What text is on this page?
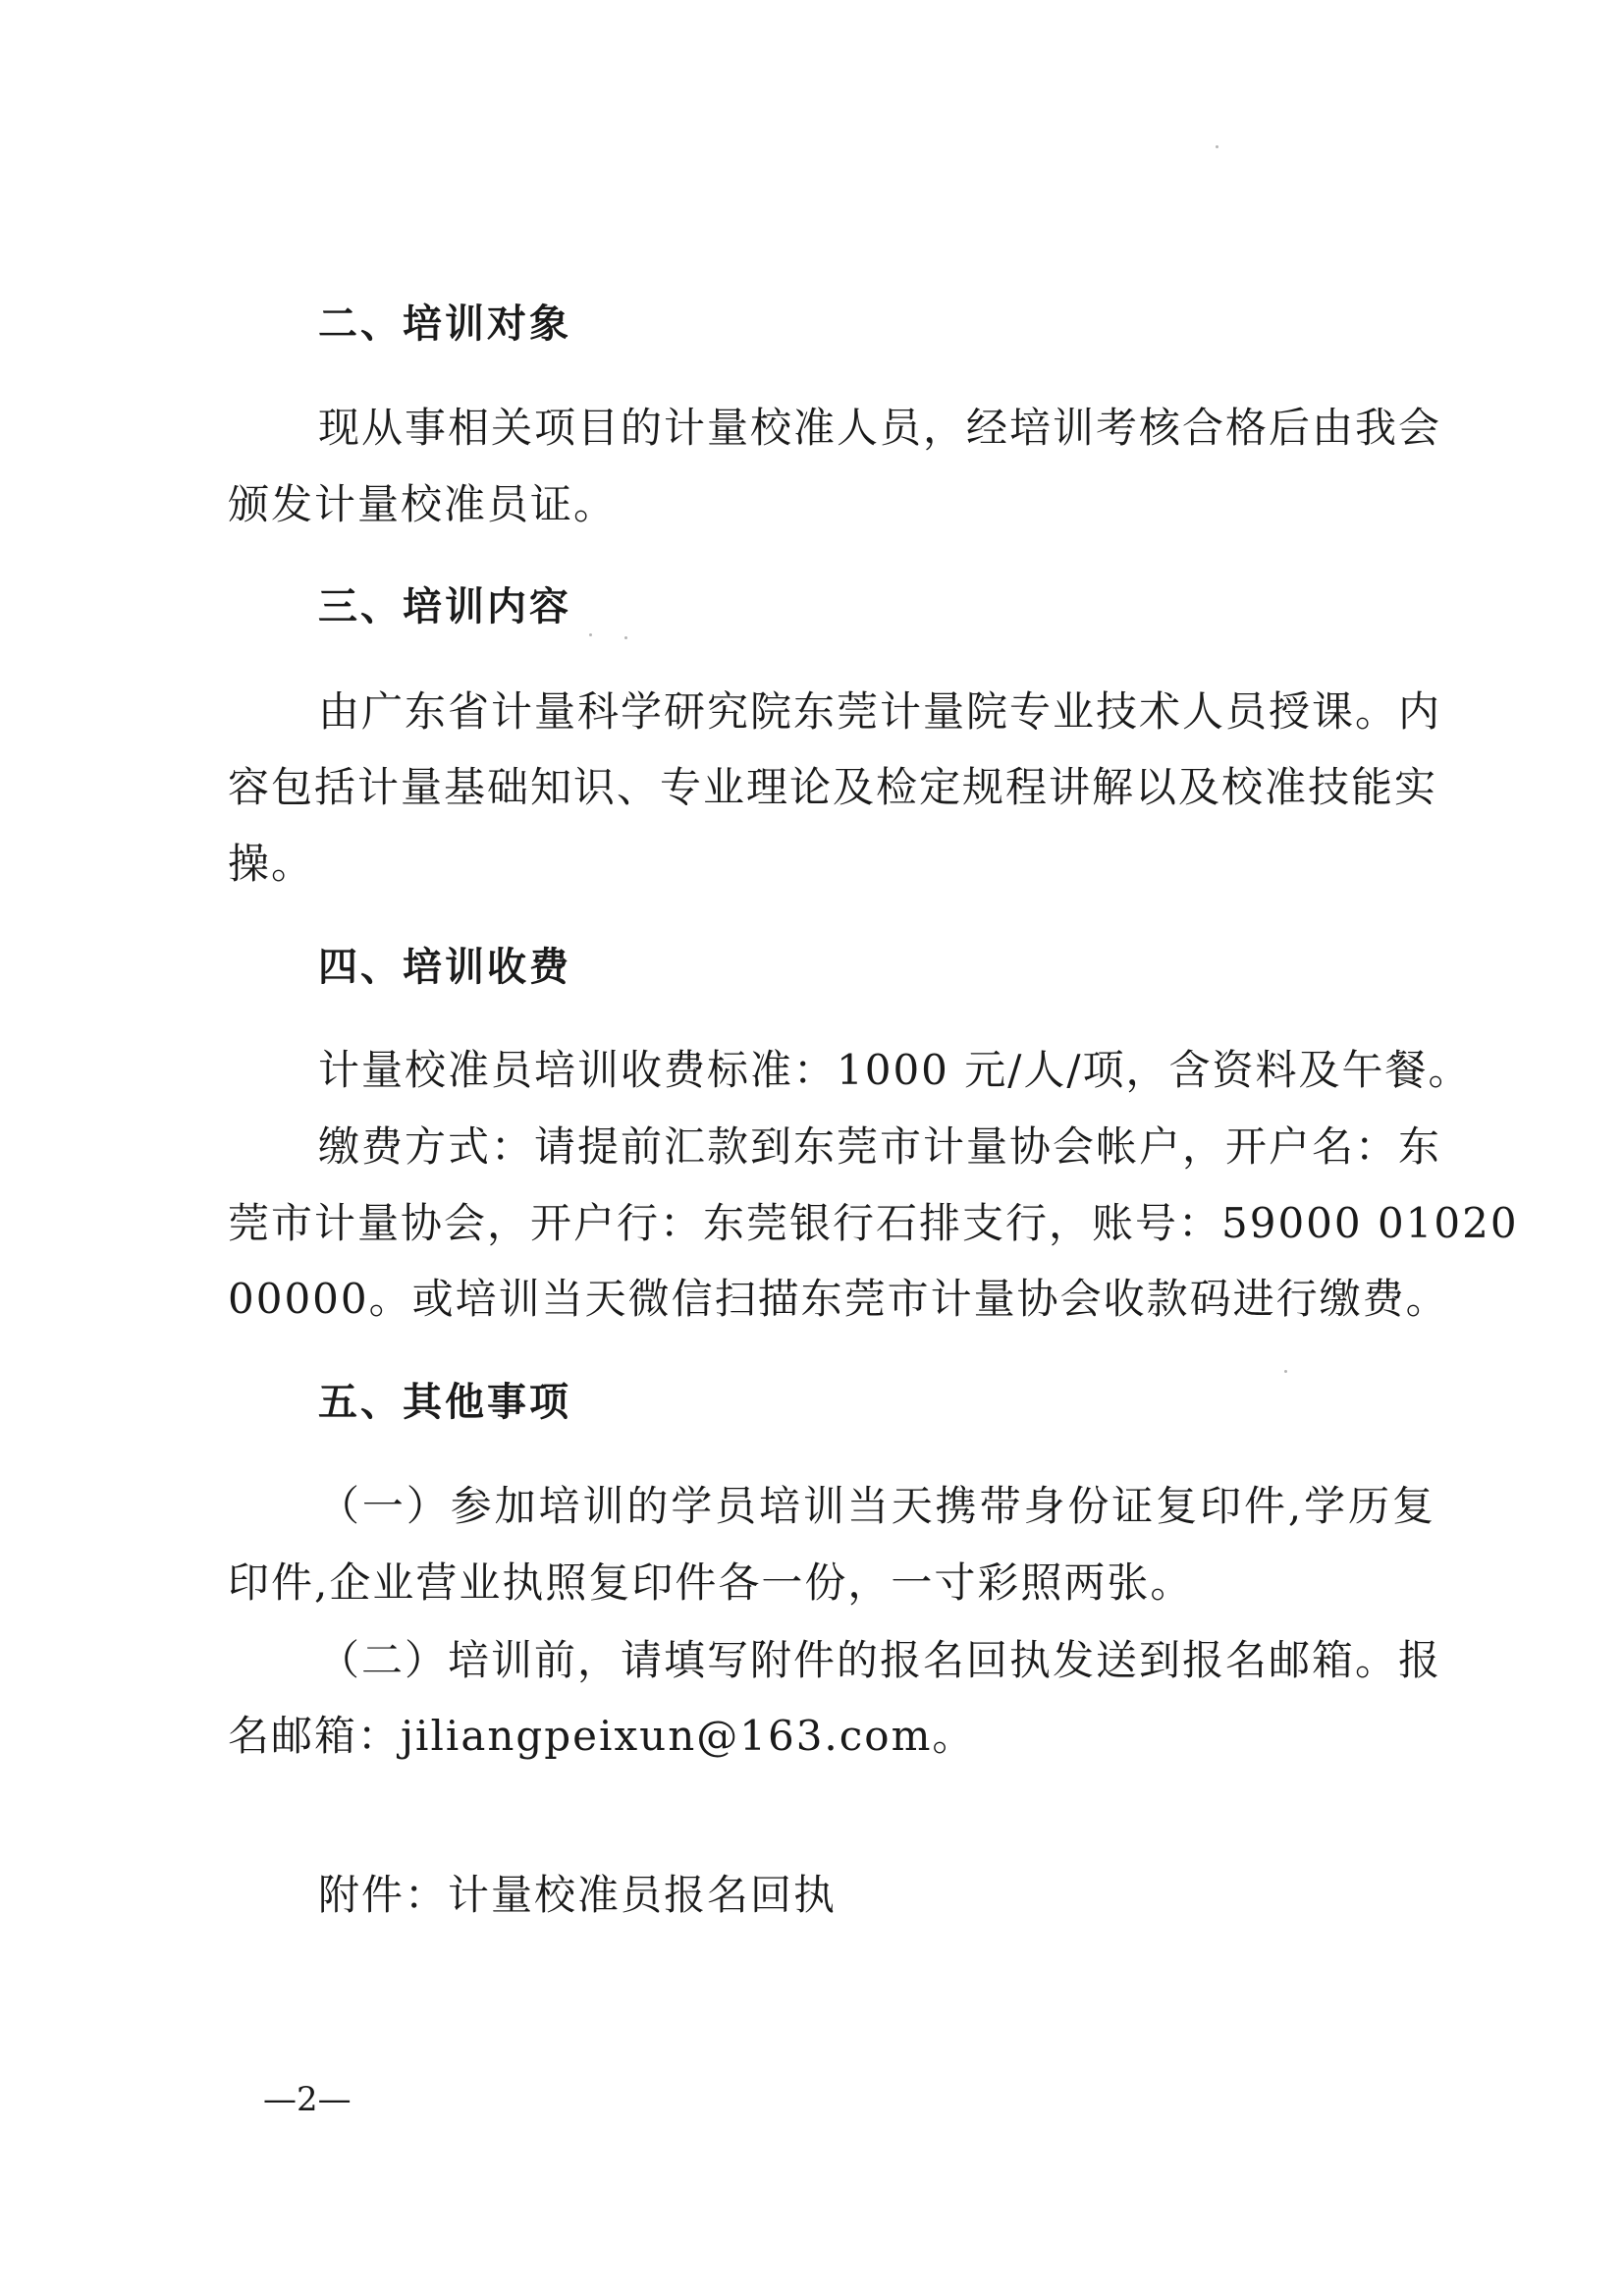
二、培训对象
现从事相关项目的计量校准人员，经培训考核合格后由我会
颁发计量校准员证。
三、培训内容
由广东省计量科学研究院东莞计量院专业技术人员授课。内
容包括计量基础知识、专业理论及检定规程讲解以及校准技能实
操。
四、培训收费
计量校准员培训收费标准：1000 元/人/项，含资料及午餐。
缴费方式：请提前汇款到东莞市计量协会帐户，开户名：东
莞市计量协会，开户行：东莞银行石排支行，账号：59000 01020
00000。或培训当天微信扫描东莞市计量协会收款码进行缴费。
五、其他事项
（一）参加培训的学员培训当天携带身份证复印件,学历复
印件,企业营业执照复印件各一份，一寸彩照两张。
（二）培训前，请填写附件的报名回执发送到报名邮箱。报
名邮箱：jiliangpeixun@163.com。
附件：计量校准员报名回执
—2—
